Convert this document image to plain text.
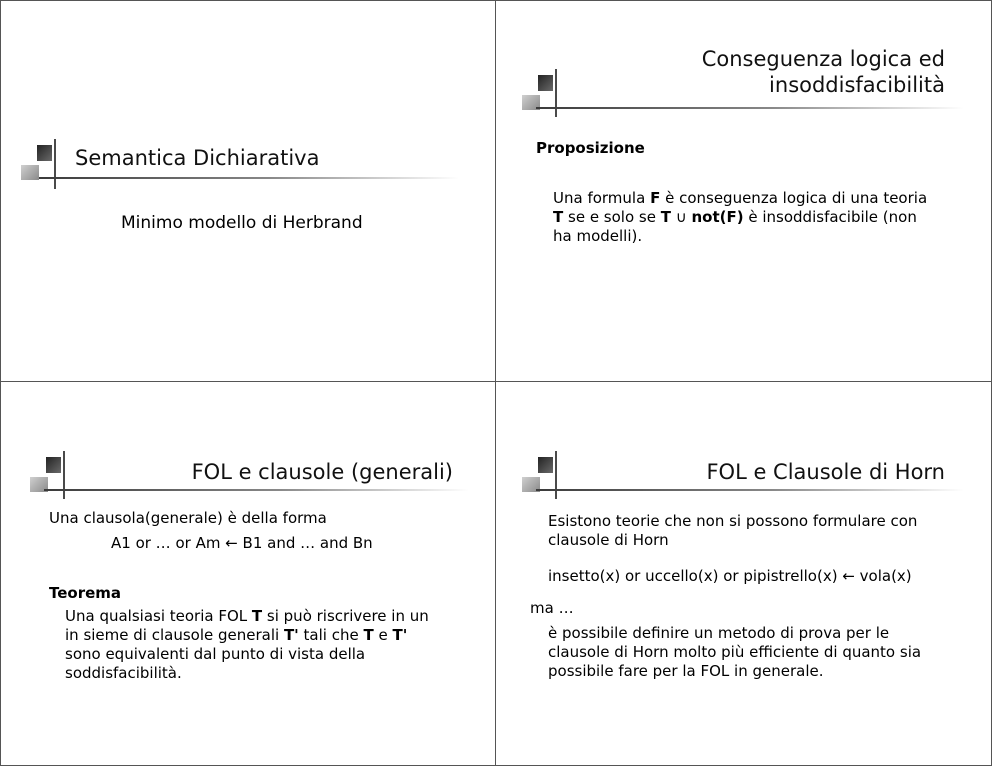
Semantica Dichiarativa
Minimo modello di Herbrand
Conseguenza logica ed
insoddisfacibilità
Proposizione
Una formula F è conseguenza logica di una teoria
T se e solo se T ∪ not(F) è insoddisfacibile (non
ha modelli).
FOL e clausole (generali)
Una clausola(generale) è della forma
A1 or … or Am ← B1 and … and Bn
Teorema
Una qualsiasi teoria FOL T si può riscrivere in un
in sieme di clausole generali T' tali che T e T'
sono equivalenti dal punto di vista della
soddisfacibilità.
FOL e Clausole di Horn
Esistono teorie che non si possono formulare con
clausole di Horn
insetto(x) or uccello(x) or pipistrello(x) ← vola(x)
ma …
è possibile definire un metodo di prova per le
clausole di Horn molto più efficiente di quanto sia
possibile fare per la FOL in generale.
